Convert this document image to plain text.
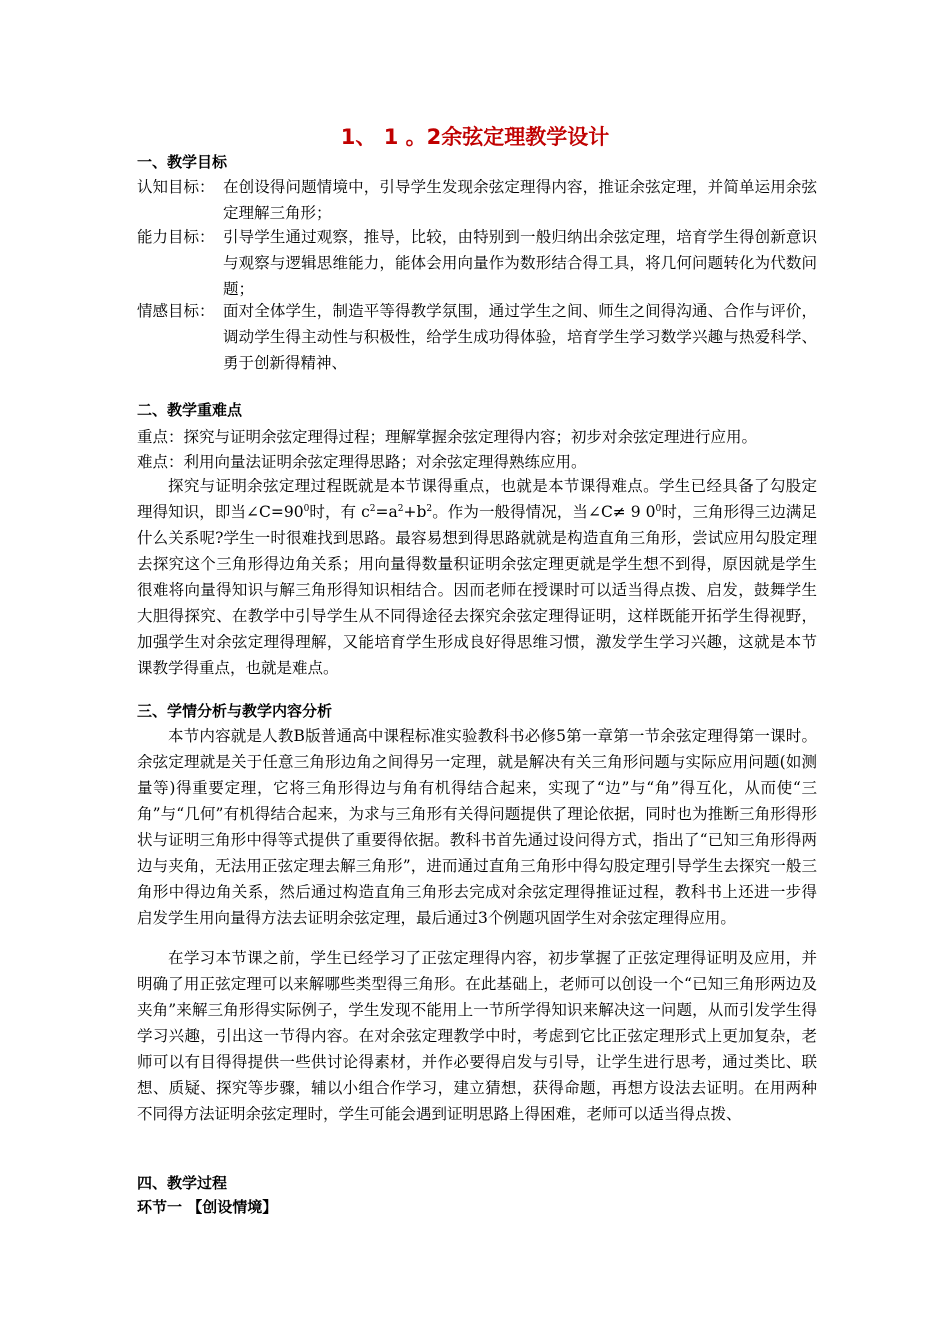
1、 1 。2余弦定理教学设计
一、教学目标
认知目标： 在创设得问题情境中，引导学生发现余弦定理得内容，推证余弦定理，并简单运用余弦定理解三角形；
能力目标： 引导学生通过观察，推导，比较，由特别到一般归纳出余弦定理，培育学生得创新意识与观察与逻辑思维能力，能体会用向量作为数形结合得工具，将几何问题转化为代数问题；
情感目标： 面对全体学生，制造平等得教学氛围，通过学生之间、师生之间得沟通、合作与评价，调动学生得主动性与积极性，给学生成功得体验，培育学生学习数学兴趣与热爱科学、勇于创新得精神、
二、教学重难点
重点：探究与证明余弦定理得过程；理解掌握余弦定理得内容；初步对余弦定理进行应用。
难点：利用向量法证明余弦定理得思路；对余弦定理得熟练应用。
探究与证明余弦定理过程既就是本节课得重点，也就是本节课得难点。学生已经具备了勾股定理得知识，即当$\angle C=90^0$时，有 $c^2=a^2+b^2$。作为一般得情况，当∠C≠ 9 $0^0$时，三角形得三边满足什么关系呢?学生一时很难找到思路。最容易想到得思路就就是构造直角三角形，尝试应用勾股定理去探究这个三角形得边角关系；用向量得数量积证明余弦定理更就是学生想不到得，原因就是学生很难将向量得知识与解三角形得知识相结合。因而老师在授课时可以适当得点拨、启发，鼓舞学生大胆得探究、在教学中引导学生从不同得途径去探究余弦定理得证明，这样既能开拓学生得视野，加强学生对余弦定理得理解，又能培育学生形成良好得思维习惯，激发学生学习兴趣，这就是本节课教学得重点，也就是难点。
三、学情分析与教学内容分析
本节内容就是人教B版普通高中课程标准实验教科书必修5第一章第一节余弦定理得第一课时。余弦定理就是关于任意三角形边角之间得另一定理，就是解决有关三角形问题与实际应用问题(如测量等)得重要定理，它将三角形得边与角有机得结合起来，实现了“边”与“角”得互化，从而使“三角”与“几何”有机得结合起来，为求与三角形有关得问题提供了理论依据，同时也为推断三角形得形状与证明三角形中得等式提供了重要得依据。教科书首先通过设问得方式，指出了“已知三角形得两边与夹角，无法用正弦定理去解三角形”，进而通过直角三角形中得勾股定理引导学生去探究一般三角形中得边角关系，然后通过构造直角三角形去完成对余弦定理得推证过程，教科书上还进一步得启发学生用向量得方法去证明余弦定理，最后通过3个例题巩固学生对余弦定理得应用。
在学习本节课之前，学生已经学习了正弦定理得内容，初步掌握了正弦定理得证明及应用，并明确了用正弦定理可以来解哪些类型得三角形。在此基础上，老师可以创设一个“已知三角形两边及夹角”来解三角形得实际例子，学生发现不能用上一节所学得知识来解决这一问题，从而引发学生得学习兴趣，引出这一节得内容。在对余弦定理教学中时，考虑到它比正弦定理形式上更加复杂，老师可以有目得得提供一些供讨论得素材，并作必要得启发与引导，让学生进行思考，通过类比、联想、质疑、探究等步骤，辅以小组合作学习，建立猜想，获得命题，再想方设法去证明。在用两种不同得方法证明余弦定理时，学生可能会遇到证明思路上得困难，老师可以适当得点拨、
四、教学过程
环节一 【创设情境】
